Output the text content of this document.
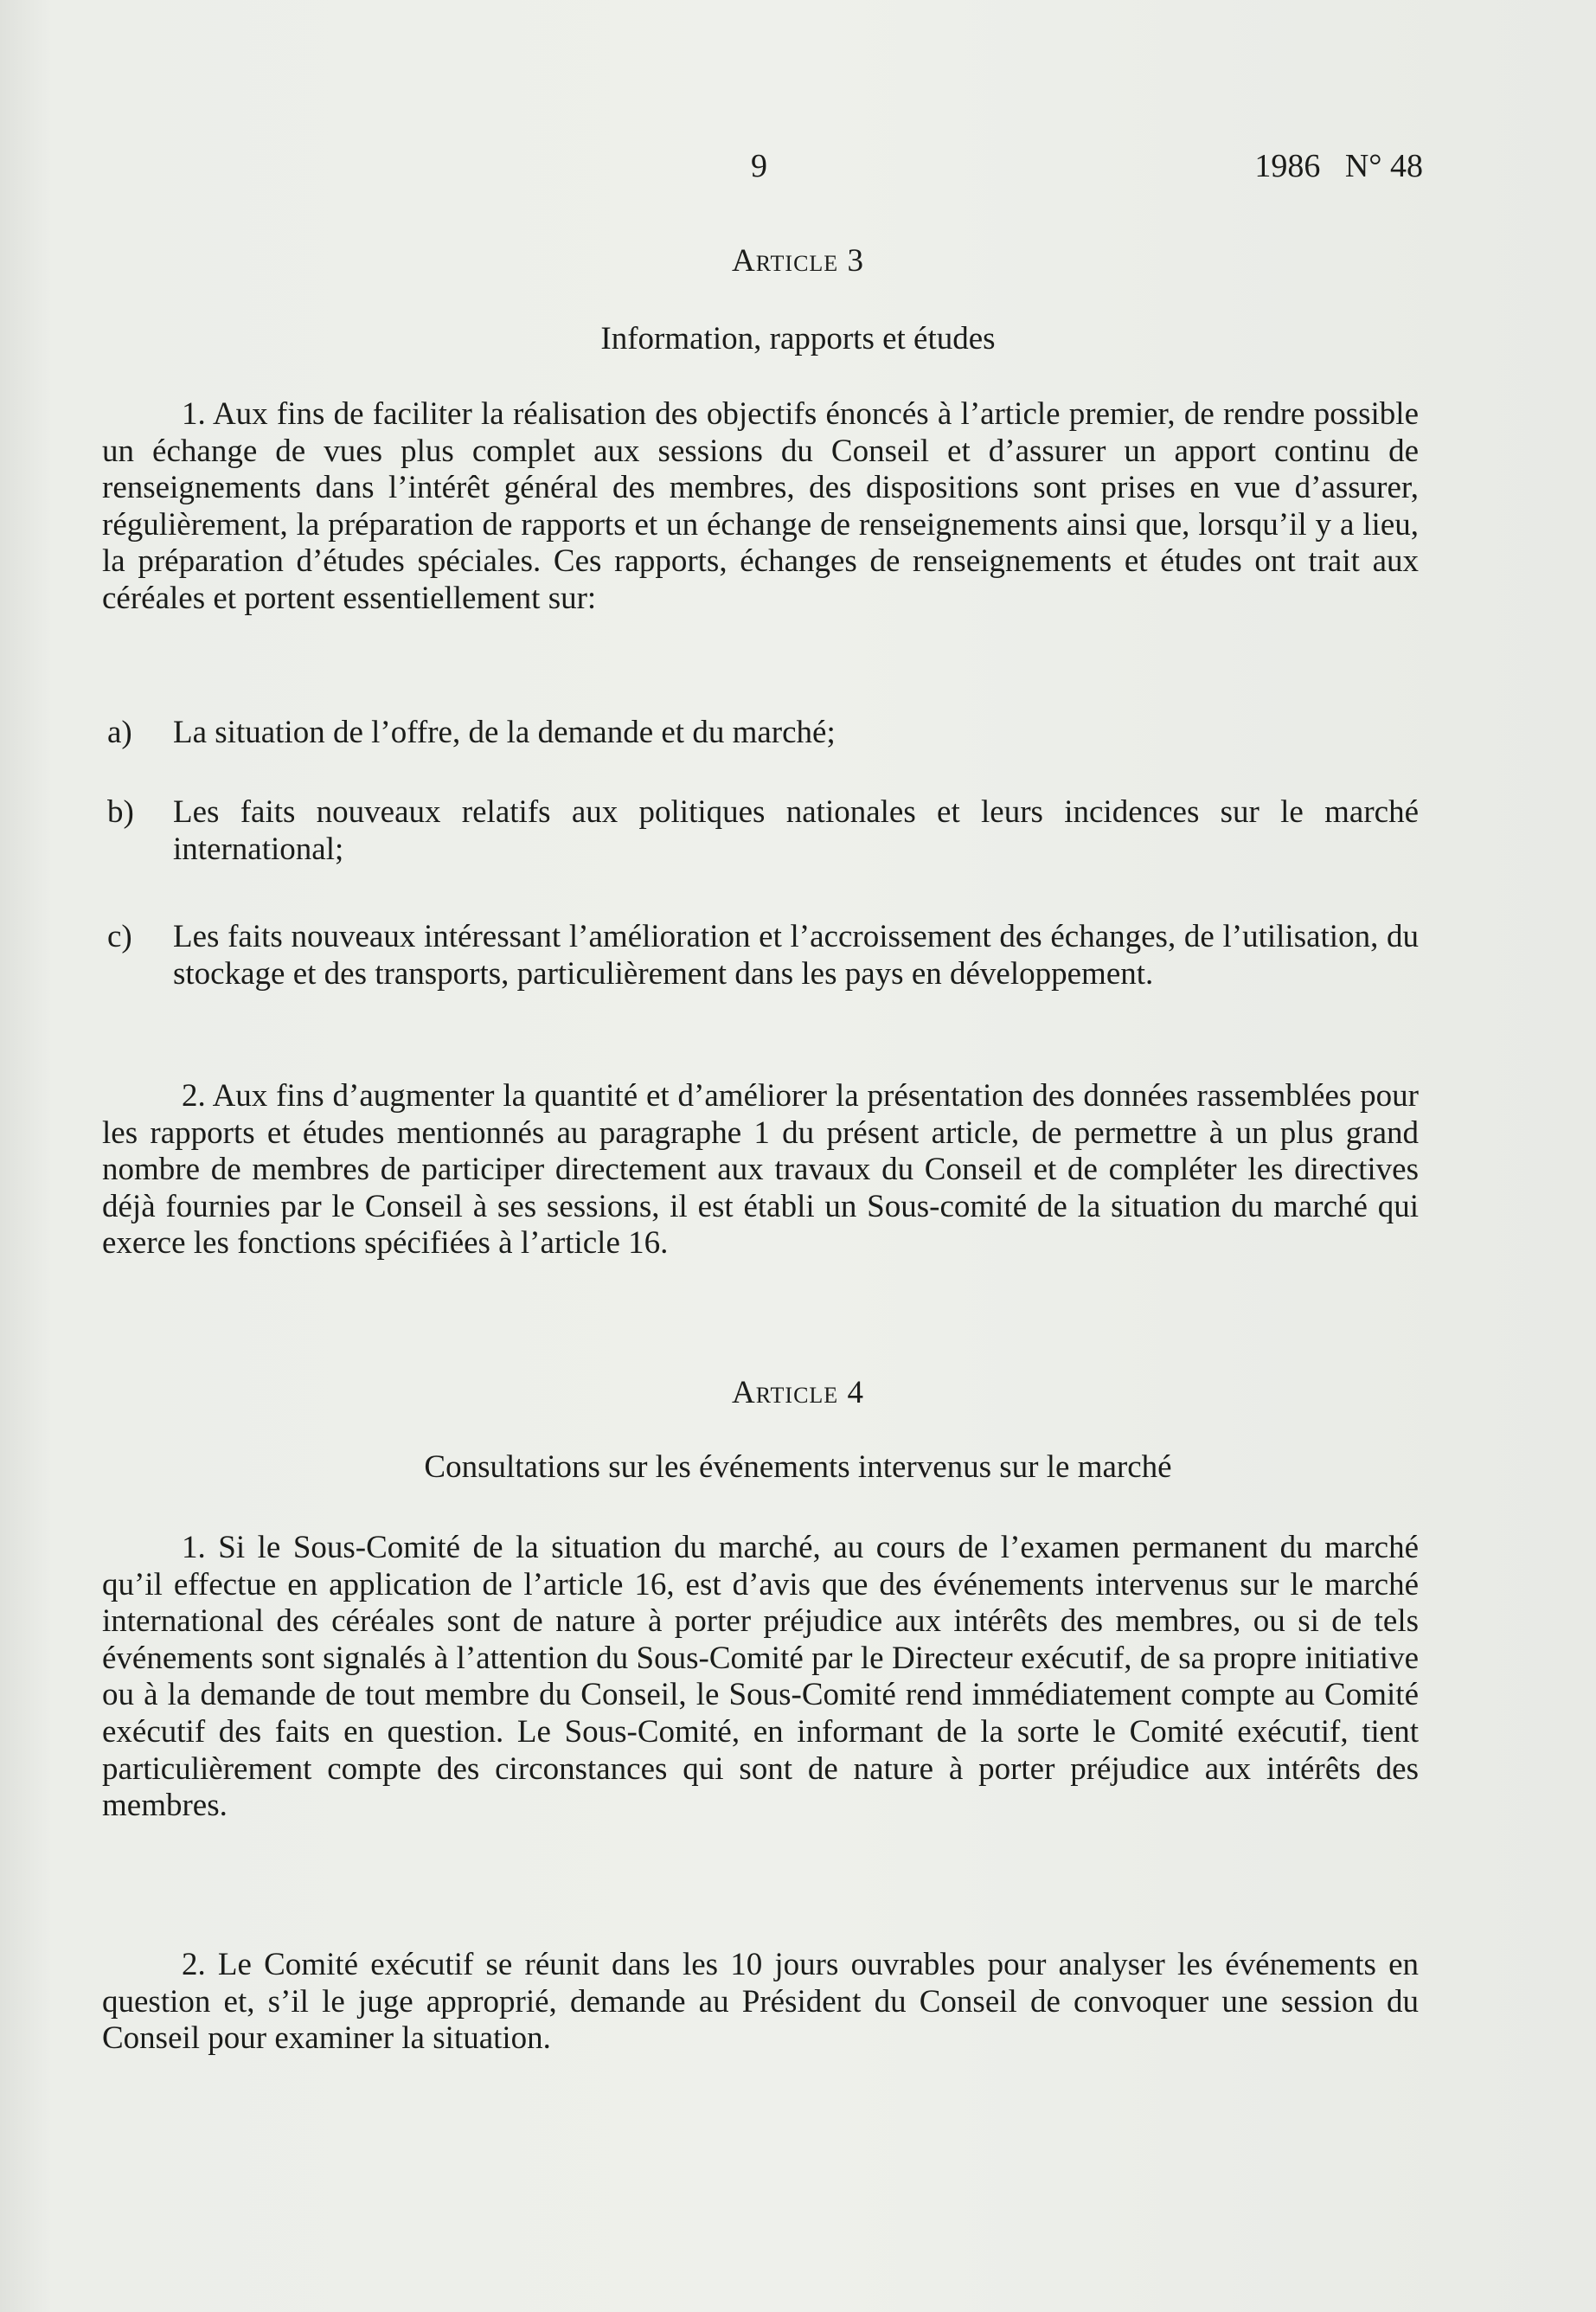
9	1986   N° 48
Article 3
Information, rapports et études

1. Aux fins de faciliter la réalisation des objectifs énoncés à l’article premier, de rendre possible un échange de vues plus complet aux sessions du Conseil et d’assurer un apport continu de renseignements dans l’intérêt général des membres, des dispositions sont prises en vue d’assurer, régulièrement, la préparation de rapports et un échange de renseignements ainsi que, lorsqu’il y a lieu, la préparation d’études spéciales. Ces rapports, échanges de renseignements et études ont trait aux céréales et portent essentiellement sur:

a) La situation de l’offre, de la demande et du marché;
b) Les faits nouveaux relatifs aux politiques nationales et leurs incidences sur le marché international;
c) Les faits nouveaux intéressant l’amélioration et l’accroissement des échanges, de l’utilisation, du stockage et des transports, particulièrement dans les pays en développement.

2. Aux fins d’augmenter la quantité et d’améliorer la présentation des données rassemblées pour les rapports et études mentionnés au paragraphe 1 du présent article, de permettre à un plus grand nombre de membres de participer directement aux travaux du Conseil et de compléter les directives déjà fournies par le Conseil à ses sessions, il est établi un Sous-comité de la situation du marché qui exerce les fonctions spécifiées à l’article 16.

Article 4
Consultations sur les événements intervenus sur le marché

1. Si le Sous-Comité de la situation du marché, au cours de l’examen permanent du marché qu’il effectue en application de l’article 16, est d’avis que des événements intervenus sur le marché international des céréales sont de nature à porter préjudice aux intérêts des membres, ou si de tels événements sont signalés à l’attention du Sous-Comité par le Directeur exécutif, de sa propre initiative ou à la demande de tout membre du Conseil, le Sous-Comité rend immédiatement compte au Comité exécutif des faits en question. Le Sous-Comité, en informant de la sorte le Comité exécutif, tient particulièrement compte des circonstances qui sont de nature à porter préjudice aux intérêts des membres.

2. Le Comité exécutif se réunit dans les 10 jours ouvrables pour analyser les événements en question et, s’il le juge approprié, demande au Président du Conseil de convoquer une session du Conseil pour examiner la situation.
